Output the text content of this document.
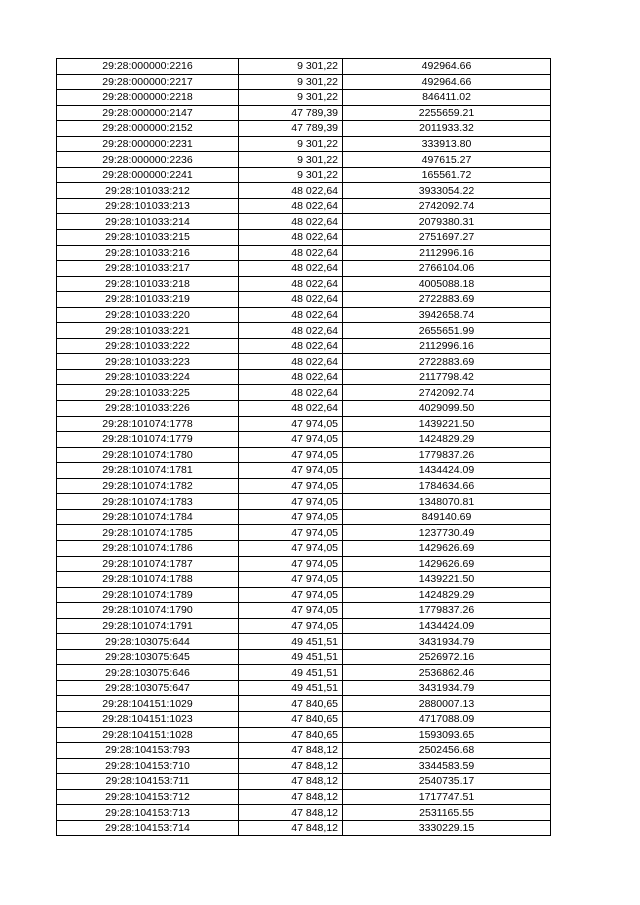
29:28:000000:2216	9 301,22	492964.66
29:28:000000:2217	9 301,22	492964.66
29:28:000000:2218	9 301,22	846411.02
29:28:000000:2147	47 789,39	2255659.21
29:28:000000:2152	47 789,39	2011933.32
29:28:000000:2231	9 301,22	333913.80
29:28:000000:2236	9 301,22	497615.27
29:28:000000:2241	9 301,22	165561.72
29:28:101033:212	48 022,64	3933054.22
29:28:101033:213	48 022,64	2742092.74
29:28:101033:214	48 022,64	2079380.31
29:28:101033:215	48 022,64	2751697.27
29:28:101033:216	48 022,64	2112996.16
29:28:101033:217	48 022,64	2766104.06
29:28:101033:218	48 022,64	4005088.18
29:28:101033:219	48 022,64	2722883.69
29:28:101033:220	48 022,64	3942658.74
29:28:101033:221	48 022,64	2655651.99
29:28:101033:222	48 022,64	2112996.16
29:28:101033:223	48 022,64	2722883.69
29:28:101033:224	48 022,64	2117798.42
29:28:101033:225	48 022,64	2742092.74
29:28:101033:226	48 022,64	4029099.50
29:28:101074:1778	47 974,05	1439221.50
29:28:101074:1779	47 974,05	1424829.29
29:28:101074:1780	47 974,05	1779837.26
29:28:101074:1781	47 974,05	1434424.09
29:28:101074:1782	47 974,05	1784634.66
29:28:101074:1783	47 974,05	1348070.81
29:28:101074:1784	47 974,05	849140.69
29:28:101074:1785	47 974,05	1237730.49
29:28:101074:1786	47 974,05	1429626.69
29:28:101074:1787	47 974,05	1429626.69
29:28:101074:1788	47 974,05	1439221.50
29:28:101074:1789	47 974,05	1424829.29
29:28:101074:1790	47 974,05	1779837.26
29:28:101074:1791	47 974,05	1434424.09
29:28:103075:644	49 451,51	3431934.79
29:28:103075:645	49 451,51	2526972.16
29:28:103075:646	49 451,51	2536862.46
29:28:103075:647	49 451,51	3431934.79
29:28:104151:1029	47 840,65	2880007.13
29:28:104151:1023	47 840,65	4717088.09
29:28:104151:1028	47 840,65	1593093.65
29:28:104153:793	47 848,12	2502456.68
29:28:104153:710	47 848,12	3344583.59
29:28:104153:711	47 848,12	2540735.17
29:28:104153:712	47 848,12	1717747.51
29:28:104153:713	47 848,12	2531165.55
29:28:104153:714	47 848,12	3330229.15
